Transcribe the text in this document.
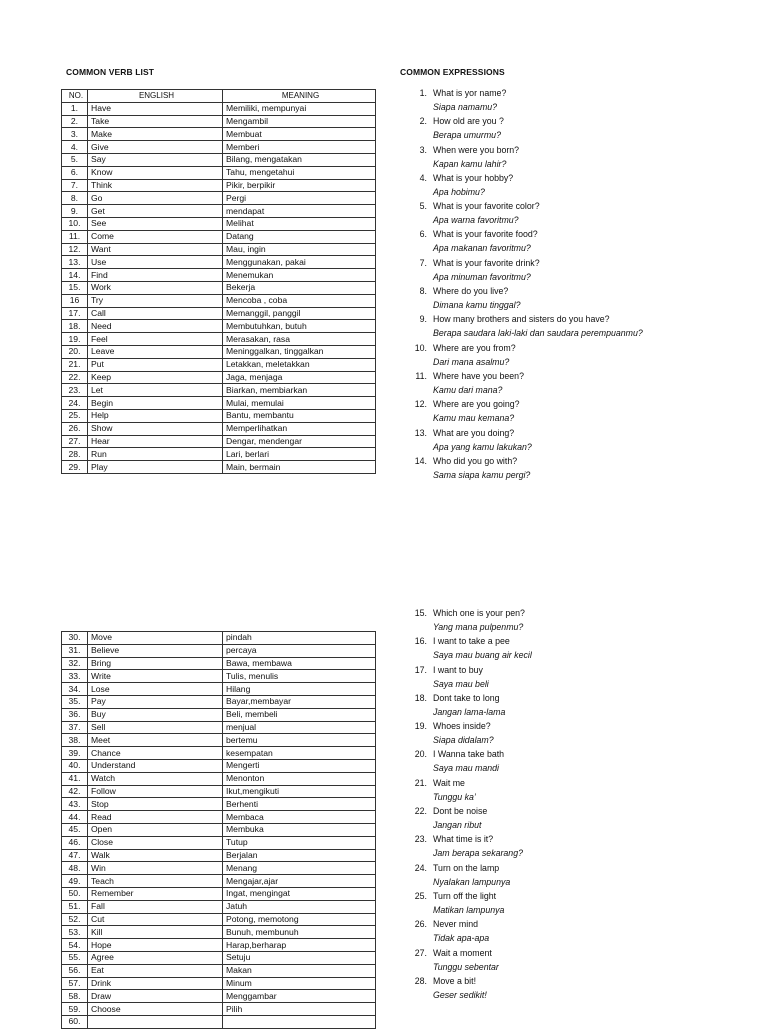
COMMON VERB LIST	COMMON EXPRESSIONS
NO.	ENGLISH	MEANING
1.	Have	Memiliki, mempunyai
2.	Take	Mengambil
3.	Make	Membuat
4.	Give	Memberi
5.	Say	Bilang, mengatakan
6.	Know	Tahu, mengetahui
7.	Think	Pikir, berpikir
8.	Go	Pergi
9.	Get	mendapat
10.	See	Melihat
11.	Come	Datang
12.	Want	Mau, ingin
13.	Use	Menggunakan, pakai
14.	Find	Menemukan
15.	Work	Bekerja
16	Try	Mencoba , coba
17.	Call	Memanggil, panggil
18.	Need	Membutuhkan, butuh
19.	Feel	Merasakan, rasa
20.	Leave	Meninggalkan, tinggalkan
21.	Put	Letakkan, meletakkan
22.	Keep	Jaga, menjaga
23.	Let	Biarkan, membiarkan
24.	Begin	Mulai, memulai
25.	Help	Bantu, membantu
26.	Show	Memperlihatkan
27.	Hear	Dengar, mendengar
28.	Run	Lari, berlari
29.	Play	Main, bermain
30.	Move	pindah
31.	Believe	percaya
32.	Bring	Bawa, membawa
33.	Write	Tulis, menulis
34.	Lose	Hilang
35.	Pay	Bayar,membayar
36.	Buy	Beli, membeli
37.	Sell	menjual
38.	Meet	bertemu
39.	Chance	kesempatan
40.	Understand	Mengerti
41.	Watch	Menonton
42.	Follow	Ikut,mengikuti
43.	Stop	Berhenti
44.	Read	Membaca
45.	Open	Membuka
46.	Close	Tutup
47.	Walk	Berjalan
48.	Win	Menang
49.	Teach	Mengajar,ajar
50.	Remember	Ingat, mengingat
51.	Fall	Jatuh
52.	Cut	Potong, memotong
53.	Kill	Bunuh, membunuh
54.	Hope	Harap,berharap
55.	Agree	Setuju
56.	Eat	Makan
57.	Drink	Minum
58.	Draw	Menggambar
59.	Choose	Pilih
60.		
1. What is yor name?
Siapa namamu?
2. How old are you ?
Berapa umurmu?
3. When were you born?
Kapan kamu lahir?
4. What is your hobby?
Apa hobimu?
5. What is your favorite color?
Apa warna favoritmu?
6. What is your favorite food?
Apa makanan favoritmu?
7. What is your favorite drink?
Apa minuman favoritmu?
8. Where do you live?
Dimana kamu tinggal?
9. How many brothers and sisters do you have?
Berapa saudara laki-laki dan saudara perempuanmu?
10. Where are you from?
Dari mana asalmu?
11. Where have you been?
Kamu dari mana?
12. Where are you going?
Kamu mau kemana?
13. What are you doing?
Apa yang kamu lakukan?
14. Who did you go with?
Sama siapa kamu pergi?
15. Which one is your pen?
Yang mana pulpenmu?
16. I want to take a pee
Saya mau buang air kecil
17. I want to buy
Saya mau beli
18. Dont take to long
Jangan lama-lama
19. Whoes inside?
Siapa didalam?
20. I Wanna take bath
Saya mau mandi
21. Wait me
Tunggu ka’
22. Dont be noise
Jangan ribut
23. What time is it?
Jam berapa sekarang?
24. Turn on the lamp
Nyalakan lampunya
25. Turn off the light
Matikan lampunya
26. Never mind
Tidak apa-apa
27. Wait a moment
Tunggu sebentar
28. Move a bit!
Geser sedikit!
